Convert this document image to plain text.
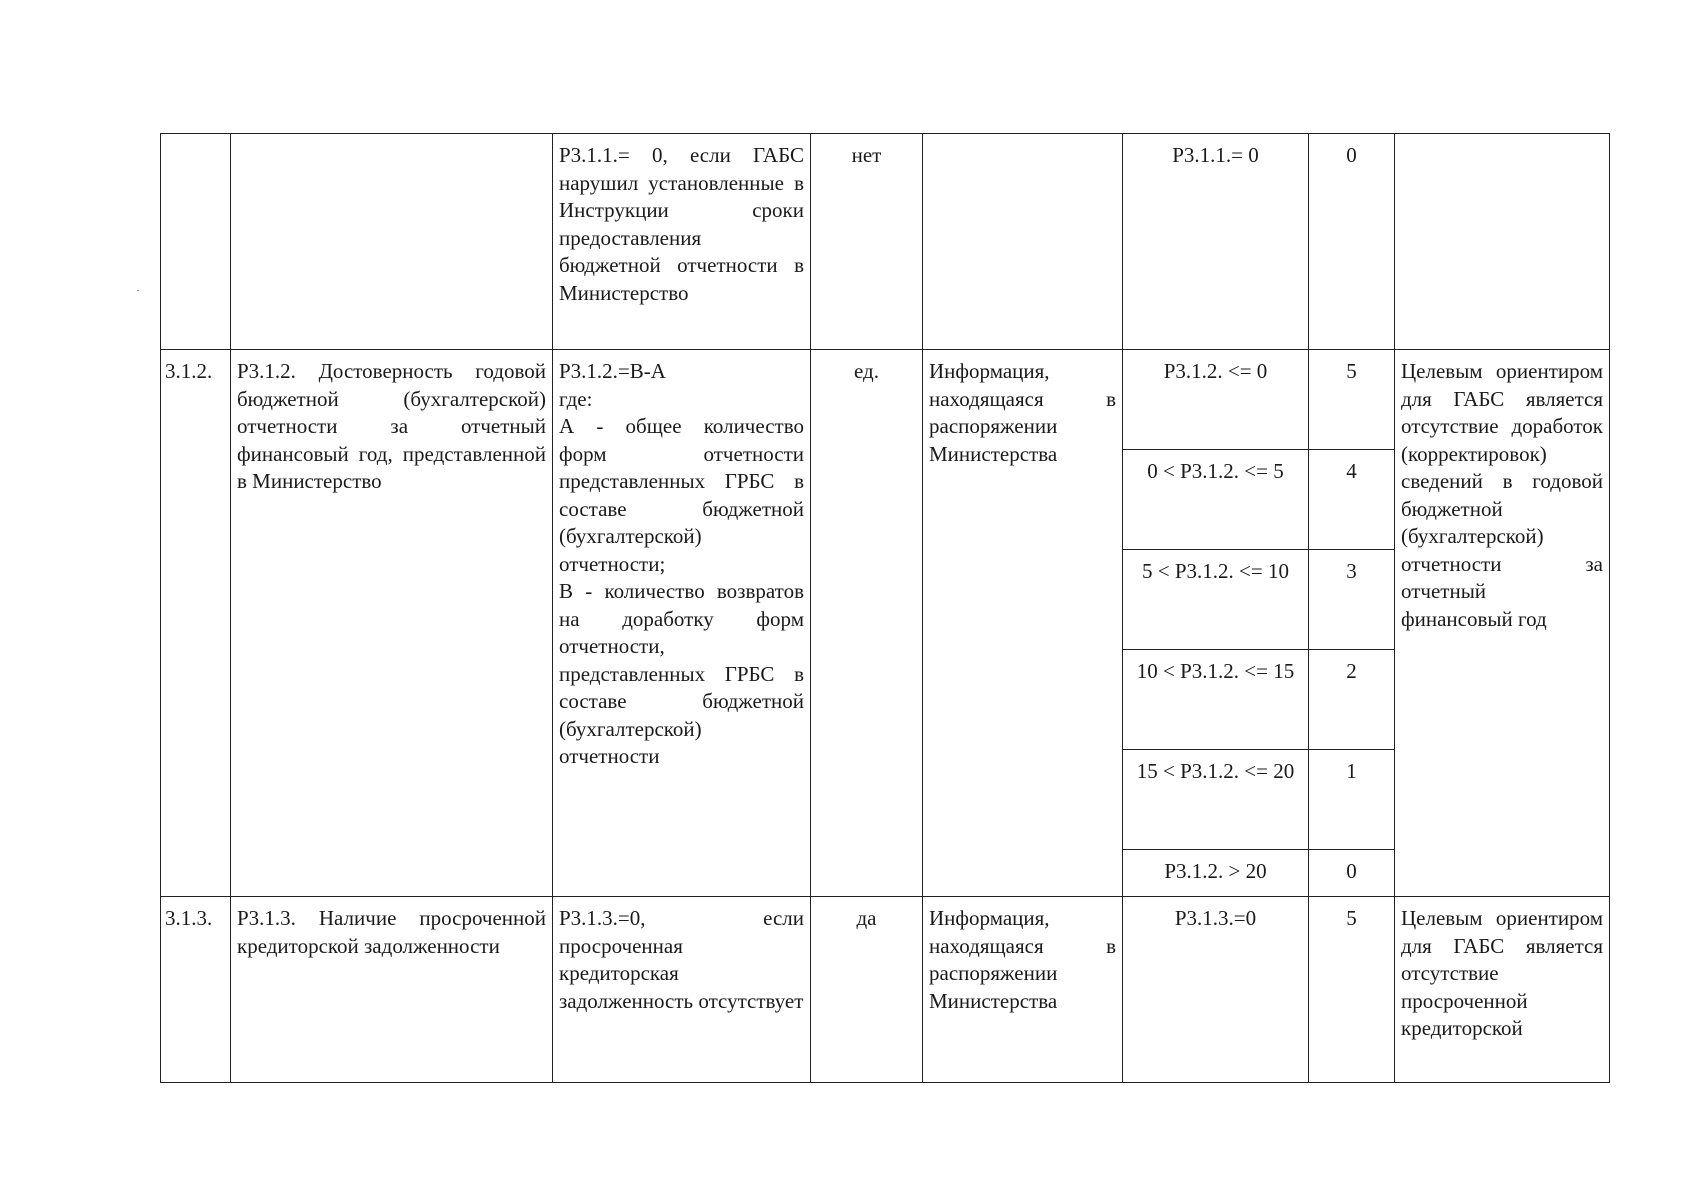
		Р3.1.1.= 0, если ГАБС нарушил установленные в Инструкции сроки предоставления бюджетной отчетности в Министерство	нет		Р3.1.1.= 0	0	
3.1.2.	Р3.1.2. Достоверность годовой бюджетной (бухгалтерской) отчетности за отчетный финансовый год, представленной в Министерство	Р3.1.2.=В-А
где:
А - общее количество форм отчетности представленных ГРБС в составе бюджетной (бухгалтерской) отчетности;
В - количество возвратов на доработку форм отчетности, представленных ГРБС в составе бюджетной (бухгалтерской) отчетности	ед.	Информация, находящаяся в распоряжении Министерства	Р3.1.2. <= 0	5	Целевым ориентиром для ГАБС является отсутствие доработок (корректировок) сведений в годовой бюджетной (бухгалтерской) отчетности за отчетный финансовый год
					0 < Р3.1.2. <= 5	4	
					5 < Р3.1.2. <= 10	3	
					10 < Р3.1.2. <= 15	2	
					15 < Р3.1.2. <= 20	1	
					Р3.1.2. > 20	0	
3.1.3.	Р3.1.3. Наличие просроченной кредиторской задолженности	Р3.1.3.=0, если просроченная кредиторская задолженность отсутствует	да	Информация, находящаяся в распоряжении Министерства	Р3.1.3.=0	5	Целевым ориентиром для ГАБС является отсутствие просроченной кредиторской
